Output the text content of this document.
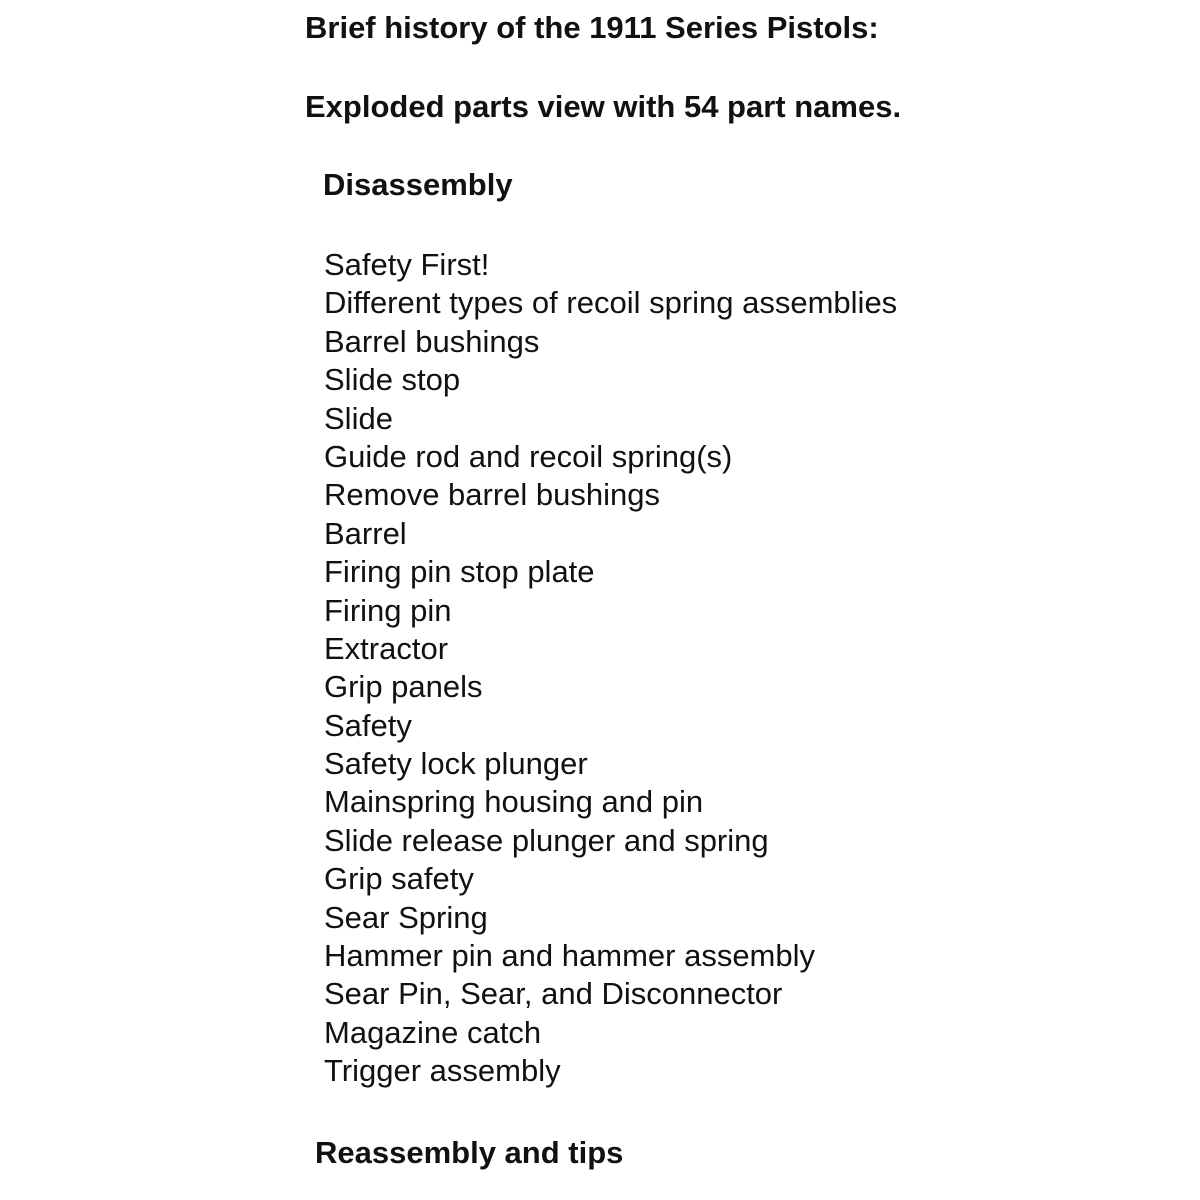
Brief history of the 1911 Series Pistols:
Exploded parts view with 54 part names.
Disassembly
Safety First!
Different types of recoil spring assemblies
Barrel bushings
Slide stop
Slide
Guide rod and recoil spring(s)
Remove barrel bushings
Barrel
Firing pin stop plate
Firing pin
Extractor
Grip panels
Safety
Safety lock plunger
Mainspring housing and pin
Slide release plunger and spring
Grip safety
Sear Spring
Hammer pin and hammer assembly
Sear Pin, Sear, and Disconnector
Magazine catch
Trigger assembly
Reassembly and tips
